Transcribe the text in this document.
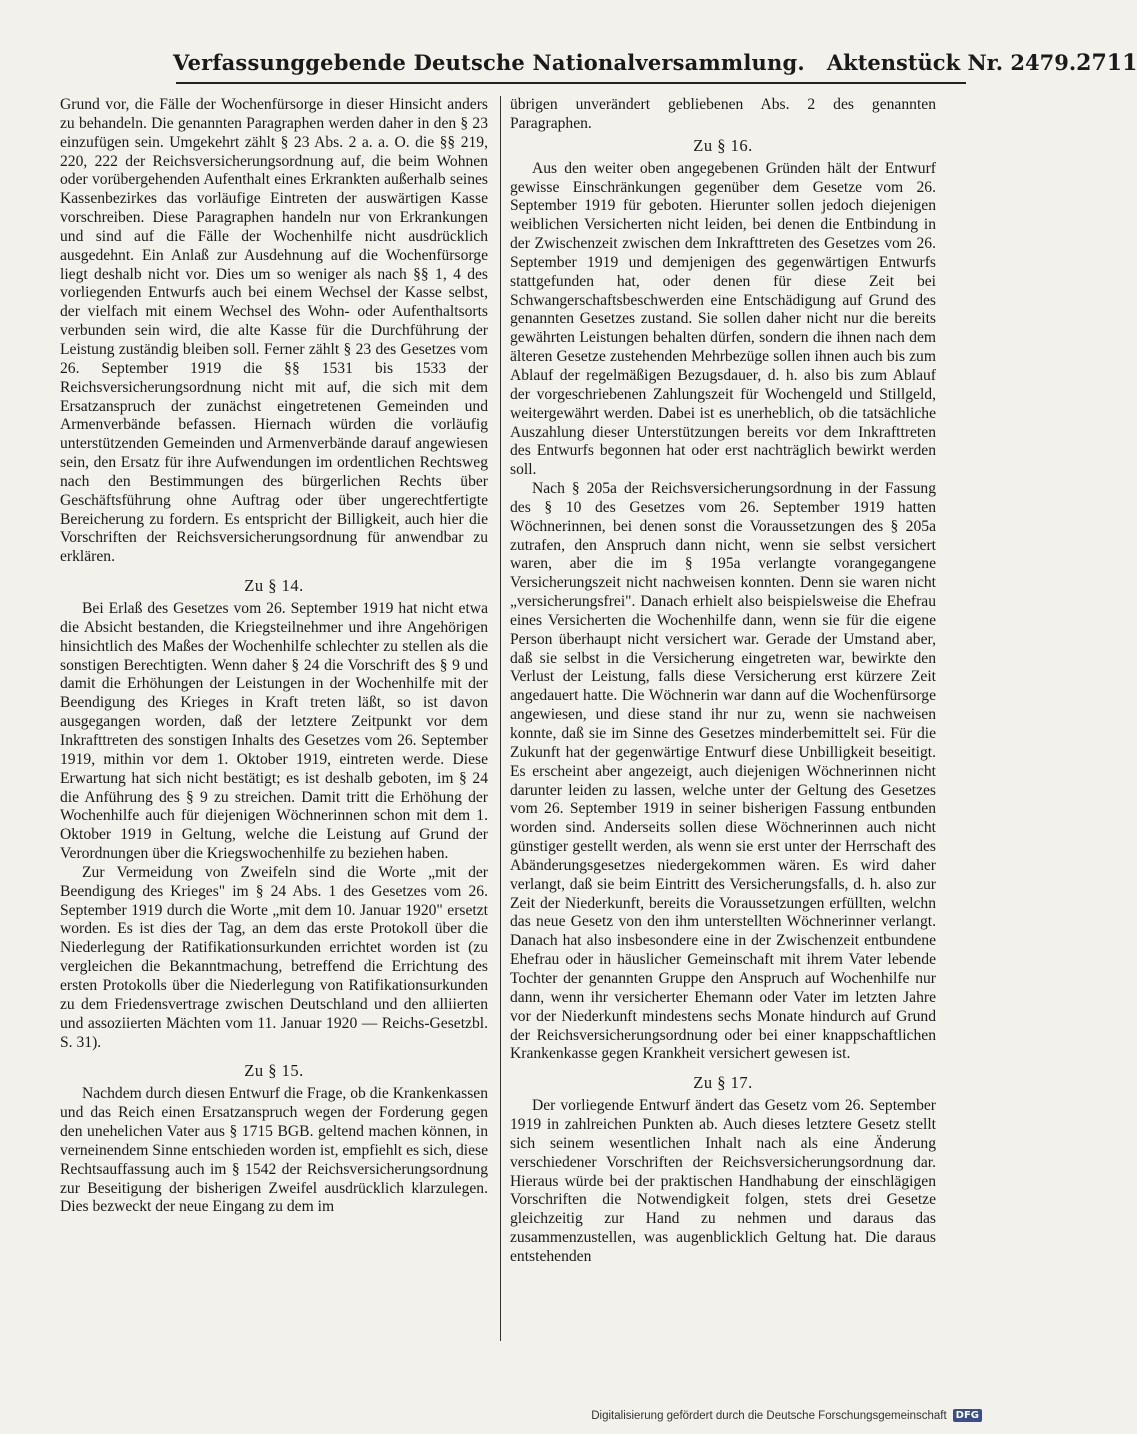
Verfassunggebende Deutsche Nationalversammlung. Aktenstück Nr. 2479. 2711

Grund vor, die Fälle der Wochenfürsorge in dieser Hinsicht anders zu behandeln. Die genannten Paragraphen werden daher in den § 23 einzufügen sein. Umgekehrt zählt § 23 Abs. 2 a. a. O. die §§ 219, 220, 222 der Reichsversicherungsordnung auf, die beim Wohnen oder vorübergehenden Aufenthalt eines Erkrankten außerhalb seines Kassenbezirkes das vorläufige Eintreten der auswärtigen Kasse vorschreiben. Diese Paragraphen handeln nur von Erkrankungen und sind auf die Fälle der Wochenhilfe nicht ausdrücklich ausgedehnt. Ein Anlaß zur Ausdehnung auf die Wochenfürsorge liegt deshalb nicht vor. Dies um so weniger als nach §§ 1, 4 des vorliegenden Entwurfs auch bei einem Wechsel der Kasse selbst, der vielfach mit einem Wechsel des Wohn- oder Aufenthaltsorts verbunden sein wird, die alte Kasse für die Durchführung der Leistung zuständig bleiben soll. Ferner zählt § 23 des Gesetzes vom 26. September 1919 die §§ 1531 bis 1533 der Reichsversicherungsordnung nicht mit auf, die sich mit dem Ersatzanspruch der zunächst eingetretenen Gemeinden und Armenverbände befassen. Hiernach würden die vorläufig unterstützenden Gemeinden und Armenverbände darauf angewiesen sein, den Ersatz für ihre Aufwendungen im ordentlichen Rechtsweg nach den Bestimmungen des bürgerlichen Rechts über Geschäftsführung ohne Auftrag oder über ungerechtfertigte Bereicherung zu fordern. Es entspricht der Billigkeit, auch hier die Vorschriften der Reichsversicherungsordnung für anwendbar zu erklären.

Zu § 14.

Bei Erlaß des Gesetzes vom 26. September 1919 hat nicht etwa die Absicht bestanden, die Kriegsteilnehmer und ihre Angehörigen hinsichtlich des Maßes der Wochenhilfe schlechter zu stellen als die sonstigen Berechtigten. Wenn daher § 24 die Vorschrift des § 9 und damit die Erhöhungen der Leistungen in der Wochenhilfe mit der Beendigung des Krieges in Kraft treten läßt, so ist davon ausgegangen worden, daß der letztere Zeitpunkt vor dem Inkrafttreten des sonstigen Inhalts des Gesetzes vom 26. September 1919, mithin vor dem 1. Oktober 1919, eintreten werde. Diese Erwartung hat sich nicht bestätigt; es ist deshalb geboten, im § 24 die Anführung des § 9 zu streichen. Damit tritt die Erhöhung der Wochenhilfe auch für diejenigen Wöchnerinnen schon mit dem 1. Oktober 1919 in Geltung, welche die Leistung auf Grund der Verordnungen über die Kriegswochenhilfe zu beziehen haben.

Zur Vermeidung von Zweifeln sind die Worte „mit der Beendigung des Krieges" im § 24 Abs. 1 des Gesetzes vom 26. September 1919 durch die Worte „mit dem 10. Januar 1920" ersetzt worden. Es ist dies der Tag, an dem das erste Protokoll über die Niederlegung der Ratifikationsurkunden errichtet worden ist (zu vergleichen die Bekanntmachung, betreffend die Errichtung des ersten Protokolls über die Niederlegung von Ratifikationsurkunden zu dem Friedensvertrage zwischen Deutschland und den alliierten und assoziierten Mächten vom 11. Januar 1920 — Reichs-Gesetzbl. S. 31).

Zu § 15.

Nachdem durch diesen Entwurf die Frage, ob die Krankenkassen und das Reich einen Ersatzanspruch wegen der Forderung gegen den unehelichen Vater aus § 1715 BGB. geltend machen können, in verneinendem Sinne entschieden worden ist, empfiehlt es sich, diese Rechtsauffassung auch im § 1542 der Reichsversicherungsordnung zur Beseitigung der bisherigen Zweifel ausdrücklich klarzulegen. Dies bezweckt der neue Eingang zu dem im

übrigen unverändert gebliebenen Abs. 2 des genannten Paragraphen.

Zu § 16.

Aus den weiter oben angegebenen Gründen hält der Entwurf gewisse Einschränkungen gegenüber dem Gesetze vom 26. September 1919 für geboten. Hierunter sollen jedoch diejenigen weiblichen Versicherten nicht leiden, bei denen die Entbindung in der Zwischenzeit zwischen dem Inkrafttreten des Gesetzes vom 26. September 1919 und demjenigen des gegenwärtigen Entwurfs stattgefunden hat, oder denen für diese Zeit bei Schwangerschaftsbeschwerden eine Entschädigung auf Grund des genannten Gesetzes zustand. Sie sollen daher nicht nur die bereits gewährten Leistungen behalten dürfen, sondern die ihnen nach dem älteren Gesetze zustehenden Mehrbezüge sollen ihnen auch bis zum Ablauf der regelmäßigen Bezugsdauer, d. h. also bis zum Ablauf der vorgeschriebenen Zahlungszeit für Wochengeld und Stillgeld, weitergewährt werden. Dabei ist es unerheblich, ob die tatsächliche Auszahlung dieser Unterstützungen bereits vor dem Inkrafttreten des Entwurfs begonnen hat oder erst nachträglich bewirkt werden soll.

Nach § 205a der Reichsversicherungsordnung in der Fassung des § 10 des Gesetzes vom 26. September 1919 hatten Wöchnerinnen, bei denen sonst die Voraussetzungen des § 205a zutrafen, den Anspruch dann nicht, wenn sie selbst versichert waren, aber die im § 195a verlangte vorangegangene Versicherungszeit nicht nachweisen konnten. Denn sie waren nicht „versicherungsfrei". Danach erhielt also beispielsweise die Ehefrau eines Versicherten die Wochenhilfe dann, wenn sie für die eigene Person überhaupt nicht versichert war. Gerade der Umstand aber, daß sie selbst in die Versicherung eingetreten war, bewirkte den Verlust der Leistung, falls diese Versicherung erst kürzere Zeit angedauert hatte. Die Wöchnerin war dann auf die Wochenfürsorge angewiesen, und diese stand ihr nur zu, wenn sie nachweisen konnte, daß sie im Sinne des Gesetzes minderbemittelt sei. Für die Zukunft hat der gegenwärtige Entwurf diese Unbilligkeit beseitigt. Es erscheint aber angezeigt, auch diejenigen Wöchnerinnen nicht darunter leiden zu lassen, welche unter der Geltung des Gesetzes vom 26. September 1919 in seiner bisherigen Fassung entbunden worden sind. Anderseits sollen diese Wöchnerinnen auch nicht günstiger gestellt werden, als wenn sie erst unter der Herrschaft des Abänderungsgesetzes niedergekommen wären. Es wird daher verlangt, daß sie beim Eintritt des Versicherungsfalls, d. h. also zur Zeit der Niederkunft, bereits die Voraussetzungen erfüllten, welchn das neue Gesetz von den ihm unterstellten Wöchnerinner verlangt. Danach hat also insbesondere eine in der Zwischenzeit entbundene Ehefrau oder in häuslicher Gemeinschaft mit ihrem Vater lebende Tochter der genannten Gruppe den Anspruch auf Wochenhilfe nur dann, wenn ihr versicherter Ehemann oder Vater im letzten Jahre vor der Niederkunft mindestens sechs Monate hindurch auf Grund der Reichsversicherungsordnung oder bei einer knappschaftlichen Krankenkasse gegen Krankheit versichert gewesen ist.

Zu § 17.

Der vorliegende Entwurf ändert das Gesetz vom 26. September 1919 in zahlreichen Punkten ab. Auch dieses letztere Gesetz stellt sich seinem wesentlichen Inhalt nach als eine Änderung verschiedener Vorschriften der Reichsversicherungsordnung dar. Hieraus würde bei der praktischen Handhabung der einschlägigen Vorschriften die Notwendigkeit folgen, stets drei Gesetze gleichzeitig zur Hand zu nehmen und daraus das zusammenzustellen, was augenblicklich Geltung hat. Die daraus entstehenden

Digitalisierung gefördert durch die Deutsche Forschungsgemeinschaft DFG
